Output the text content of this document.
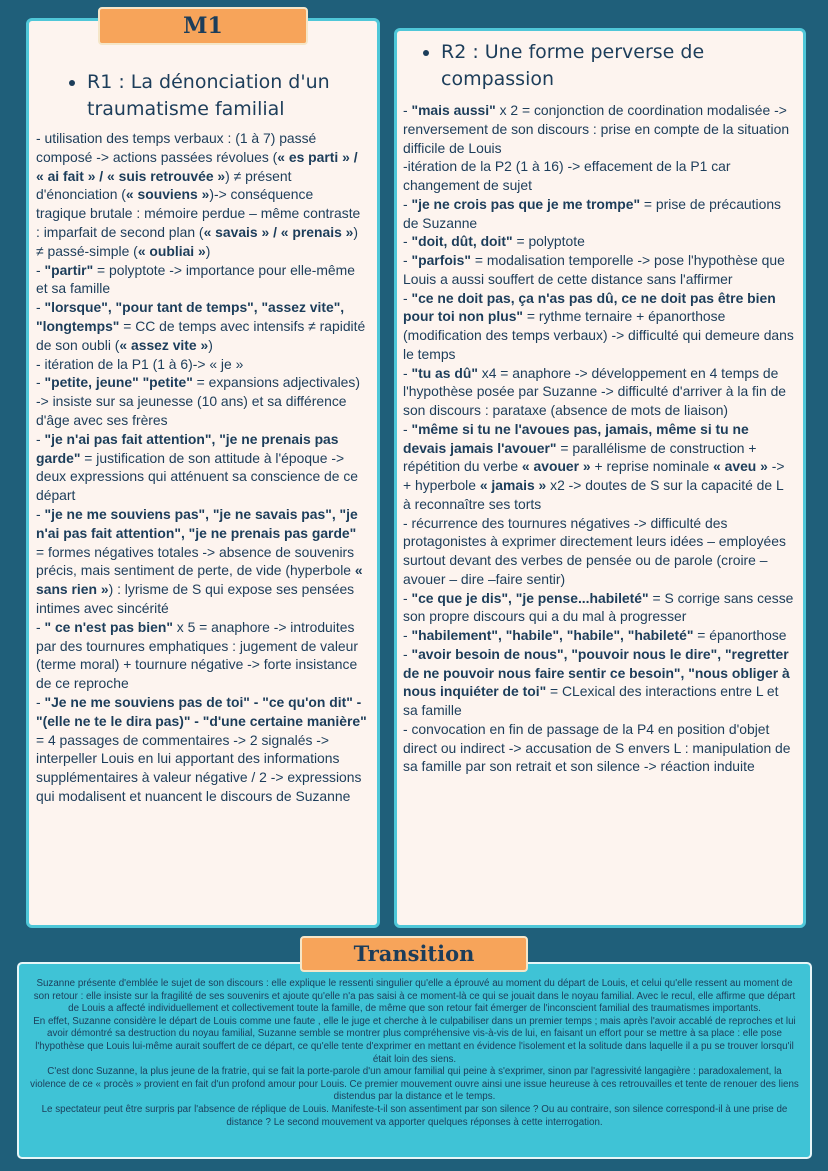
R1 : La dénonciation d'un traumatisme familial

- utilisation des temps verbaux : (1 à 7) passé composé -> actions passées révolues (« es parti » / « ai fait » / « suis retrouvée ») ≠ présent d'énonciation (« souviens »)-> conséquence tragique brutale : mémoire perdue – même contraste : imparfait de second plan (« savais » / « prenais ») ≠ passé-simple (« oubliai »)

- "partir" = polyptote -> importance pour elle-même et sa famille

- "lorsque", "pour tant de temps", "assez vite", "longtemps" = CC de temps avec intensifs ≠ rapidité de son oubli (« assez vite »)

- itération de la P1 (1 à 6)-> « je »

- "petite, jeune" "petite" = expansions adjectivales) -> insiste sur sa jeunesse (10 ans) et sa différence d'âge avec ses frères

- "je n'ai pas fait attention", "je ne prenais pas garde" = justification de son attitude à l'époque -> deux expressions qui atténuent sa conscience de ce départ

- "je ne me souviens pas", "je ne savais pas", "je n'ai pas fait attention", "je ne prenais pas garde" = formes négatives totales -> absence de souvenirs précis, mais sentiment de perte, de vide (hyperbole « sans rien ») : lyrisme de S qui expose ses pensées intimes avec sincérité

- " ce n'est pas bien" x 5 = anaphore -> introduites par des tournures emphatiques : jugement de valeur (terme moral) + tournure négative -> forte insistance de ce reproche

- "Je ne me souviens pas de toi" - "ce qu'on dit" - "(elle ne te le dira pas)" - "d'une certaine manière" = 4 passages de commentaires -> 2 signalés -> interpeller Louis en lui apportant des informations supplémentaires à valeur négative / 2 -> expressions qui modalisent et nuancent le discours de Suzanne

M1
R2 : Une forme perverse de compassion

- "mais aussi" x 2 = conjonction de coordination modalisée -> renversement de son discours : prise en compte de la situation difficile de Louis

-itération de la P2 (1 à 16) -> effacement de la P1 car changement de sujet

- "je ne crois pas que je me trompe" = prise de précautions de Suzanne

- "doit, dût, doit" = polyptote

- "parfois" = modalisation temporelle -> pose l'hypothèse que Louis a aussi souffert de cette distance sans l'affirmer

- "ce ne doit pas, ça n'as pas dû, ce ne doit pas être bien pour toi non plus" = rythme ternaire + épanorthose (modification des temps verbaux) -> difficulté qui demeure dans le temps

- "tu as dû" x4 = anaphore -> développement en 4 temps de l'hypothèse posée par Suzanne -> difficulté d'arriver à la fin de son discours : parataxe (absence de mots de liaison)

- "même si tu ne l'avoues pas, jamais, même si tu ne devais jamais l'avouer" = parallélisme de construction + répétition du verbe « avouer » + reprise nominale « aveu » -> + hyperbole « jamais » x2 -> doutes de S sur la capacité de L à reconnaître ses torts

- récurrence des tournures négatives -> difficulté des protagonistes à exprimer directement leurs idées – employées surtout devant des verbes de pensée ou de parole (croire – avouer – dire –faire sentir)

- "ce que je dis", "je pense...habileté" = S corrige sans cesse son propre discours qui a du mal à progresser

- "habilement", "habile", "habile", "habileté" = épanorthose

- "avoir besoin de nous", "pouvoir nous le dire", "regretter de ne pouvoir nous faire sentir ce besoin", "nous obliger à nous inquiéter de toi" = CLexical des interactions entre L et sa famille

- convocation en fin de passage de la P4 en position d'objet direct ou indirect -> accusation de S envers L : manipulation de sa famille par son retrait et son silence -> réaction induite

Suzanne présente d'emblée le sujet de son discours : elle explique le ressenti singulier qu'elle a éprouvé au moment du départ de Louis, et celui qu'elle ressent au moment de son retour : elle insiste sur la fragilité de ses souvenirs et ajoute qu'elle n'a pas saisi à ce moment-là ce qui se jouait dans le noyau familial. Avec le recul, elle affirme que départ de Louis a affecté individuellement et collectivement toute la famille, de même que son retour fait émerger de l'inconscient familial des traumatismes importants.

En effet, Suzanne considère le départ de Louis comme une faute , elle le juge et cherche à le culpabiliser dans un premier temps ; mais après l'avoir accablé de reproches et lui avoir démontré sa destruction du noyau familial, Suzanne semble se montrer plus compréhensive vis-à-vis de lui, en faisant un effort pour se mettre à sa place : elle pose l'hypothèse que Louis lui-même aurait souffert de ce départ, ce qu'elle tente d'exprimer en mettant en évidence l'isolement et la solitude dans laquelle il a pu se trouver lorsqu'il était loin des siens.

C'est donc Suzanne, la plus jeune de la fratrie, qui se fait la porte-parole d'un amour familial qui peine à s'exprimer, sinon par l'agressivité langagière : paradoxalement, la violence de ce « procès » provient en fait d'un profond amour pour Louis. Ce premier mouvement ouvre ainsi une issue heureuse à ces retrouvailles et tente de renouer des liens distendus par la distance et le temps.

Le spectateur peut être surpris par l'absence de réplique de Louis. Manifeste-t-il son assentiment par son silence ? Ou au contraire, son silence correspond-il à une prise de distance ? Le second mouvement va apporter quelques réponses à cette interrogation.

Transition
